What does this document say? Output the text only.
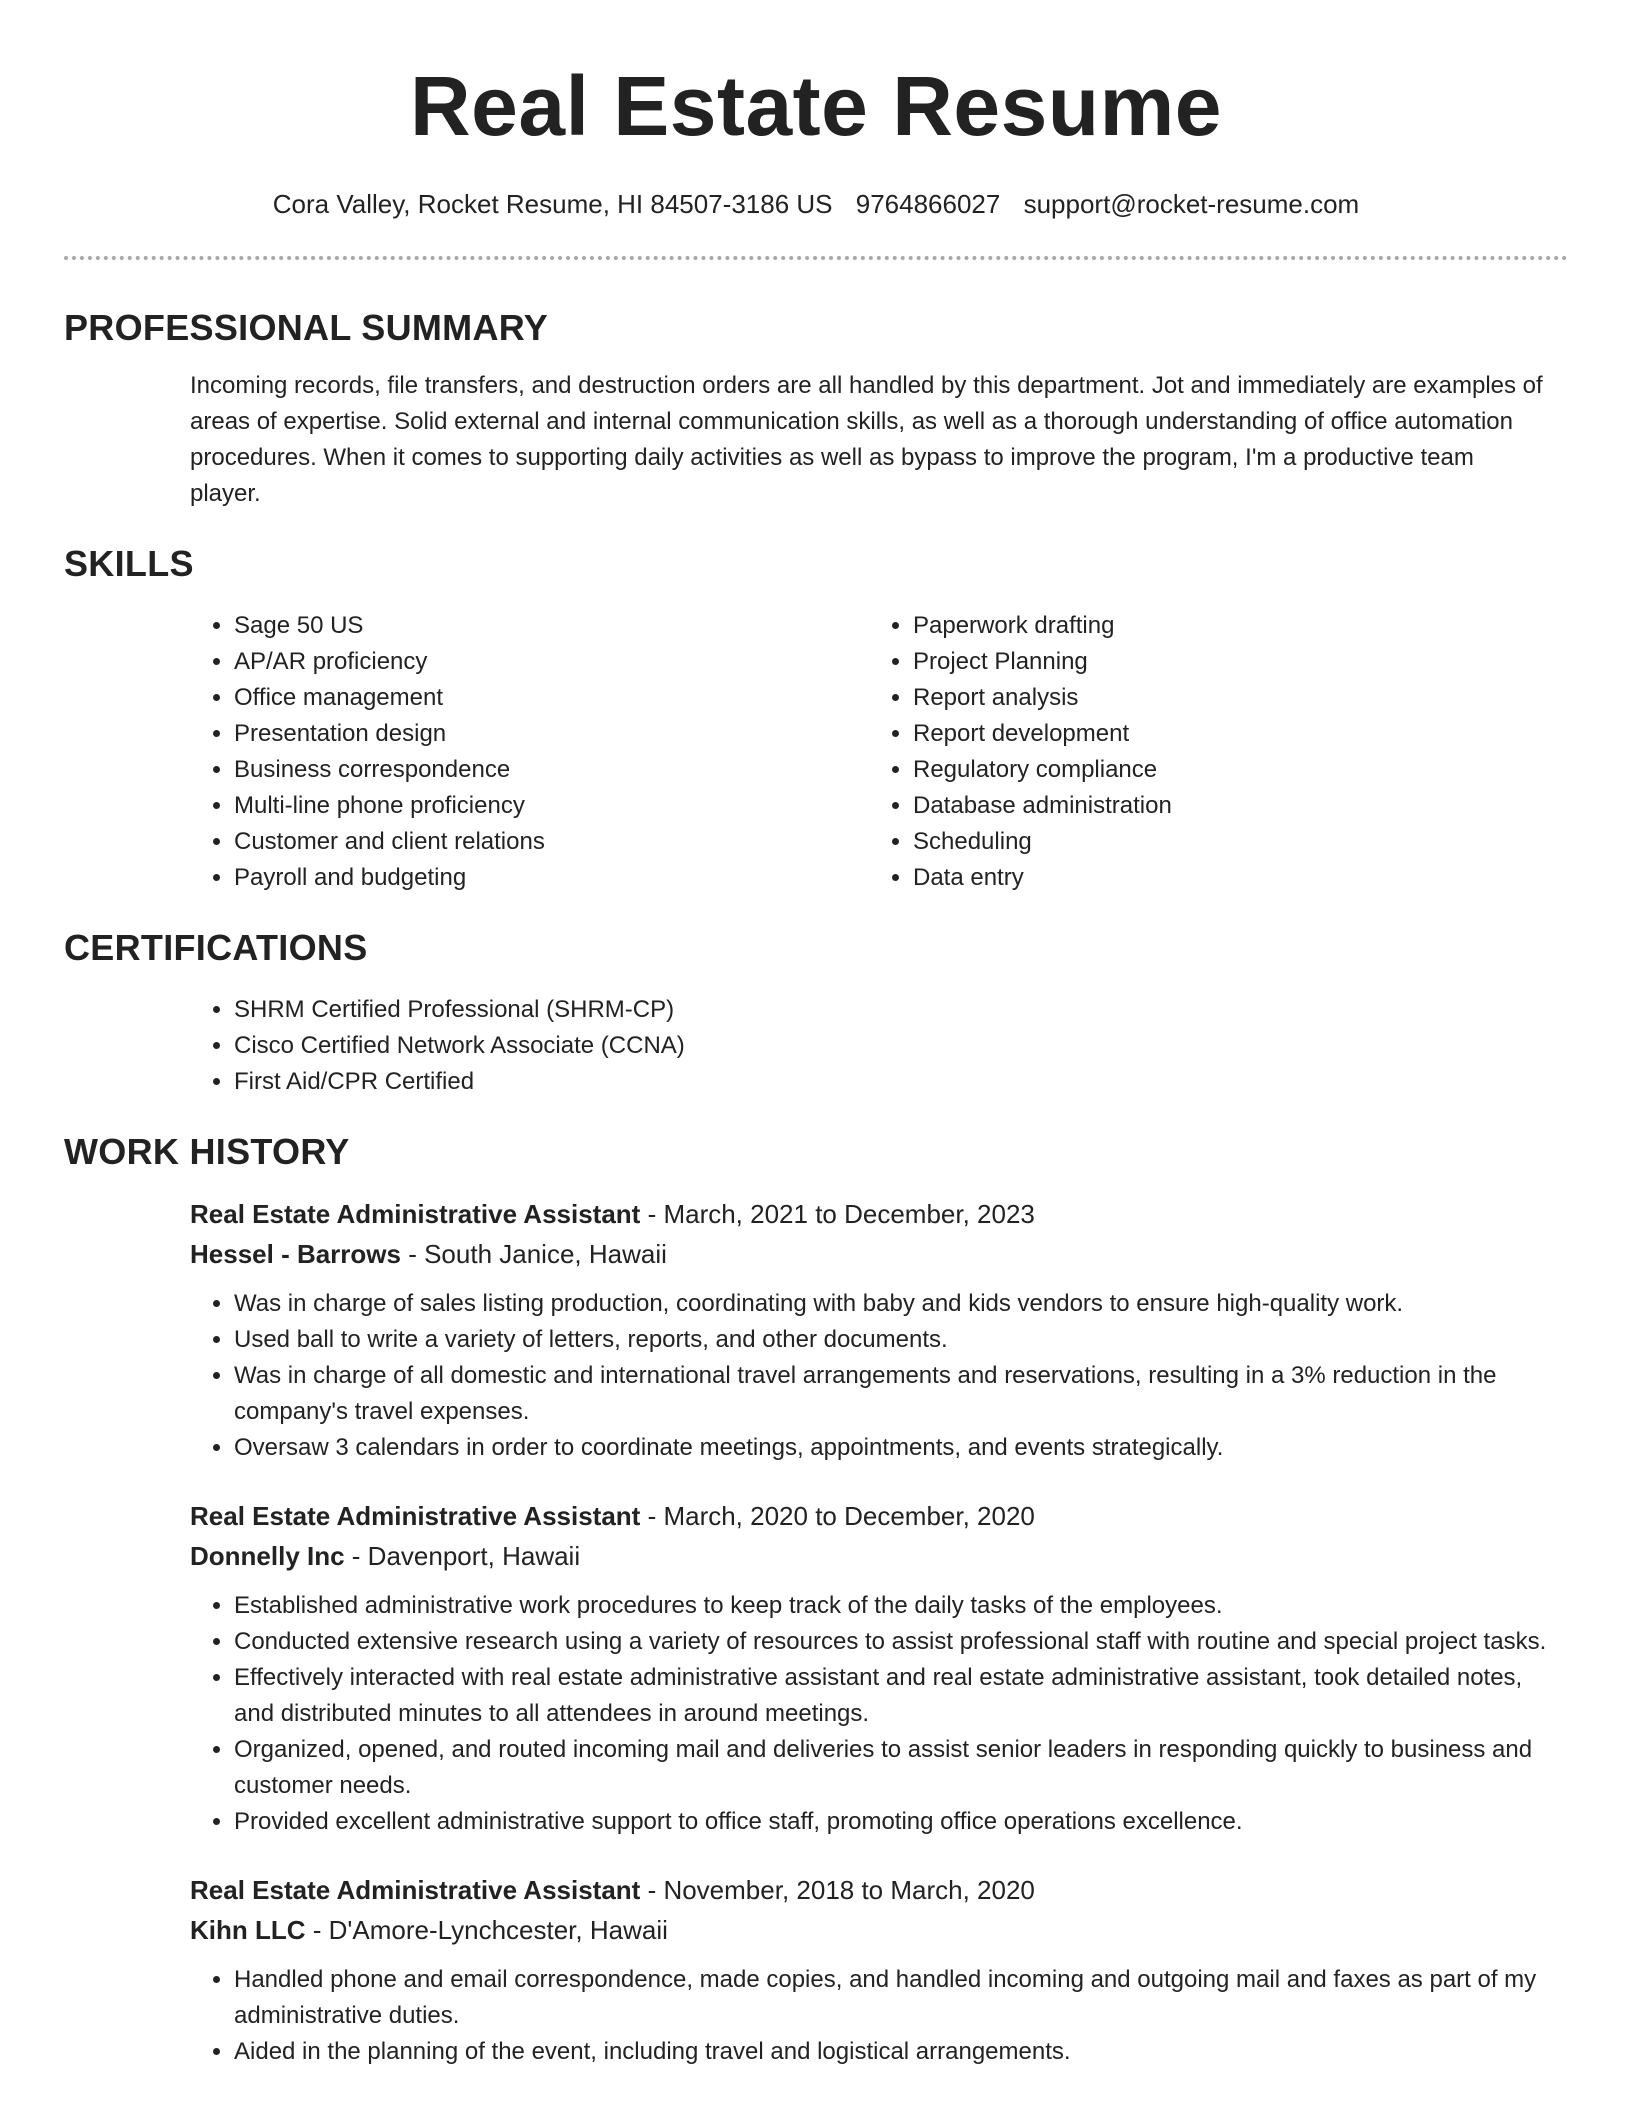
Real Estate Resume
Cora Valley, Rocket Resume, HI 84507-3186 US 9764866027 support@rocket-resume.com
PROFESSIONAL SUMMARY

Incoming records, file transfers, and destruction orders are all handled by this department. Jot and immediately are examples of areas of expertise. Solid external and internal communication skills, as well as a thorough understanding of office automation procedures. When it comes to supporting daily activities as well as bypass to improve the program, I'm a productive team player.

SKILLS
• Sage 50 US
• AP/AR proficiency
• Office management
• Presentation design
• Business correspondence
• Multi-line phone proficiency
• Customer and client relations
• Payroll and budgeting
• Paperwork drafting
• Project Planning
• Report analysis
• Report development
• Regulatory compliance
• Database administration
• Scheduling
• Data entry
CERTIFICATIONS
• SHRM Certified Professional (SHRM-CP)
• Cisco Certified Network Associate (CCNA)
• First Aid/CPR Certified
WORK HISTORY
Real Estate Administrative Assistant - March, 2021 to December, 2023
Hessel - Barrows - South Janice, Hawaii
• Was in charge of sales listing production, coordinating with baby and kids vendors to ensure high-quality work.
• Used ball to write a variety of letters, reports, and other documents.
• Was in charge of all domestic and international travel arrangements and reservations, resulting in a 3% reduction in the company's travel expenses.
• Oversaw 3 calendars in order to coordinate meetings, appointments, and events strategically.
Real Estate Administrative Assistant - March, 2020 to December, 2020
Donnelly Inc - Davenport, Hawaii
• Established administrative work procedures to keep track of the daily tasks of the employees.
• Conducted extensive research using a variety of resources to assist professional staff with routine and special project tasks.
• Effectively interacted with real estate administrative assistant and real estate administrative assistant, took detailed notes, and distributed minutes to all attendees in around meetings.
• Organized, opened, and routed incoming mail and deliveries to assist senior leaders in responding quickly to business and customer needs.
• Provided excellent administrative support to office staff, promoting office operations excellence.
Real Estate Administrative Assistant - November, 2018 to March, 2020
Kihn LLC - D'Amore-Lynchcester, Hawaii
• Handled phone and email correspondence, made copies, and handled incoming and outgoing mail and faxes as part of my administrative duties.
• Aided in the planning of the event, including travel and logistical arrangements.
